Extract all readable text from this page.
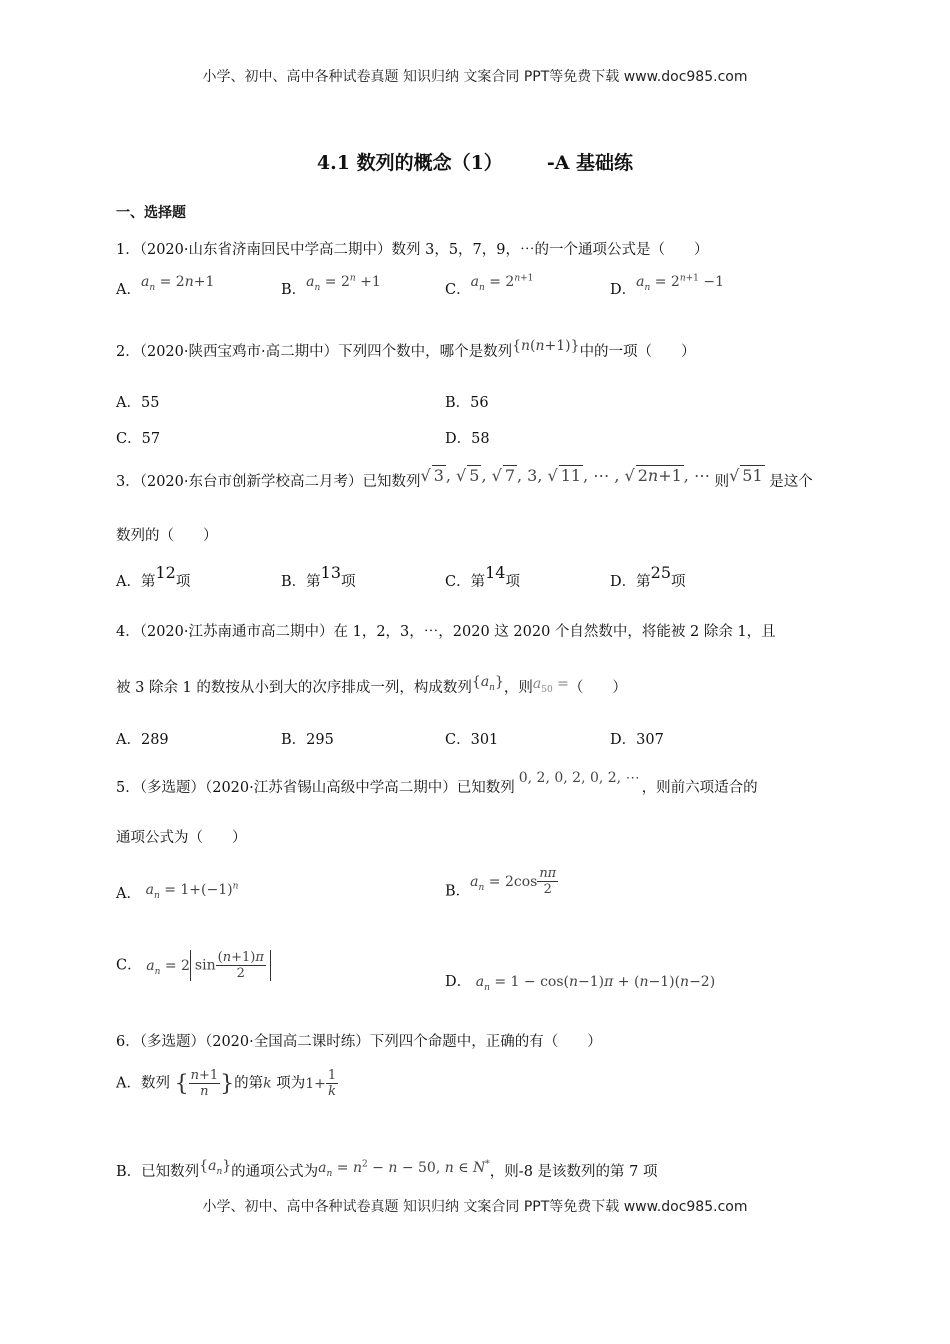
小学、初中、高中各种试卷真题 知识归纳 文案合同 PPT等免费下载 www.doc985.com
4.1 数列的概念（1） -A 基础练
一、选择题
1．（2020·山东省济南回民中学高二期中）数列 3，5，7，9，⋯的一个通项公式是（　　）
A．$a_n = 2n+1$	B．$a_n = 2^n +1$	C．$a_n = 2^{n+1}$
D．$a_n = 2^{n+1} -1$
2．（2020·陕西宝鸡市·高二期中）下列四个数中，哪个是数列{n(n+1)}中的一项（　　）
A．55	B．56
C．57	D．58
3．（2020·东台市创新学校高二月考）已知数列√ 3 , √ 5 , √ 7 , 3, √ 11 , ⋯ , √ 2n+1 , ⋯ 则√ 51 是这个
数列的（　　）
A．第12项	B．第13项	C．第14项	D．第25项
4．（2020·江苏南通市高二期中）在 1，2，3，⋯，2020 这 2020 个自然数中，将能被 2 除余 1，且
被 3 除余 1 的数按从小到大的次序排成一列，构成数列$\{a_n\}$，则$a_{50}$ =（　　）
A．289	B．295	C．301	D．307
5．（多选题）（2020·江苏省锡山高级中学高二期中）已知数列0, 2, 0, 2, 0, 2, ⋯，则前六项适合的
通项公式为（　　）
A． $a_n = 1+(-1)^n$	B．$a_n = 2\cos \frac{n\pi}{2}$
C． $a_n = 2$ $\sin \frac{(n+1)\pi}{2}$
D． $a_n = 1 - \cos(n-1)\pi + (n-1)(n-2)$
6．（多选题）（2020·全国高二课时练）下列四个命题中，正确的有（　　）
A．数列 { $\frac{n+1}{n}$ }的第k 项为$1+ \frac{1}{k}$
B．已知数列$\{a_n\}$的通项公式为$a_n = n^2 - n - 50$, n ∈ N*，则-8 是该数列的第 7 项
小学、初中、高中各种试卷真题 知识归纳 文案合同 PPT等免费下载 www.doc985.com
